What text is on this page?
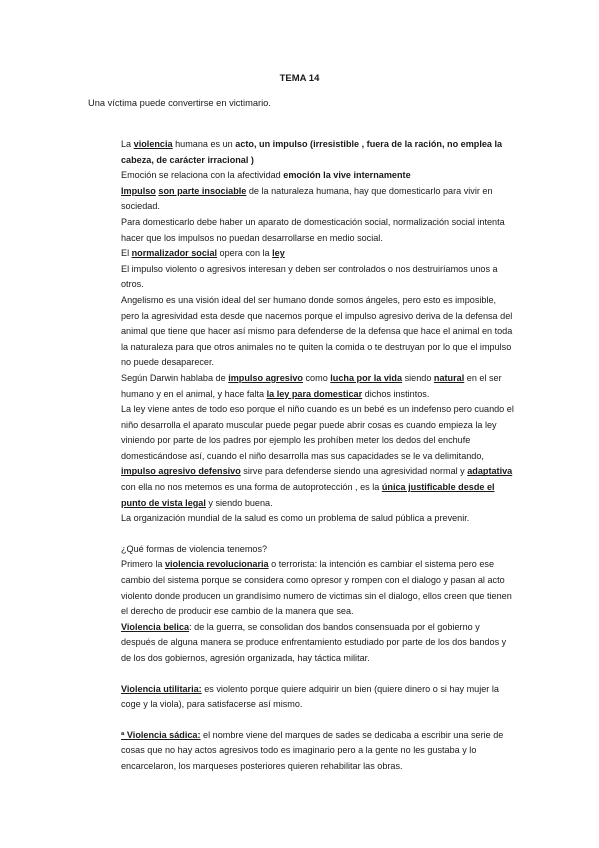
TEMA 14
Una víctima puede convertirse en victimario.

La violencia humana es un acto, un impulso (irresistible , fuera de la ración, no emplea la cabeza, de carácter irracional )

Emoción se relaciona con la afectividad emoción la vive internamente

Impulso son parte insociable de la naturaleza humana, hay que domesticarlo para vivir en sociedad.

Para domesticarlo debe haber un aparato de domesticación social, normalización social intenta hacer que los impulsos no puedan desarrollarse en medio social.

El normalizador social opera con la ley

El impulso violento o agresivos interesan y deben ser controlados o nos destruiríamos unos a otros.

Angelismo es una visión ideal del ser humano donde somos ángeles, pero esto es imposible, pero la agresividad esta desde que nacemos porque el impulso agresivo deriva de la defensa del animal que tiene que hacer así mismo para defenderse de la defensa que hace el animal en toda la naturaleza para que otros animales no te quiten la comida o te destruyan por lo que el impulso no puede desaparecer.

Según Darwin hablaba de impulso agresivo como lucha por la vida siendo natural en el ser humano y en el animal, y hace falta la ley para domesticar dichos instintos.

La ley viene antes de todo eso porque el niño cuando es un bebé es un indefenso pero cuando el niño desarrolla el aparato muscular puede pegar puede abrir cosas es cuando empieza la ley viniendo por parte de los padres por ejemplo les prohíben meter los dedos del enchufe domesticándose así, cuando el niño desarrolla mas sus capacidades se le va delimitando, impulso agresivo defensivo sirve para defenderse siendo una agresividad normal y adaptativa con ella no nos metemos es una forma de autoprotección , es la única justificable desde el punto de vista legal y siendo buena.

La organización mundial de la salud es como un problema de salud pública a prevenir.

¿Qué formas de violencia tenemos?

Primero la violencia revolucionaria o terrorista: la intención es cambiar el sistema pero ese cambio del sistema porque se considera como opresor y rompen con el dialogo y pasan al acto violento donde producen un grandísimo numero de victimas sin el dialogo, ellos creen que tienen el derecho de producir ese cambio de la manera que sea.

Violencia belica: de la guerra, se consolidan dos bandos consensuada por el gobierno y después de alguna manera se produce enfrentamiento estudiado por parte de los dos bandos y de los dos gobiernos, agresión organizada, hay táctica militar.

Violencia utilitaria: es violento porque quiere adquirir un bien (quiere dinero o si hay mujer la coge y la viola), para satisfacerse así mismo.

ª Violencia sádica: el nombre viene del marques de sades se dedicaba a escribir una serie de cosas que no hay actos agresivos todo es imaginario pero a la gente no les gustaba y lo encarcelaron, los marqueses posteriores quieren rehabilitar las obras.
